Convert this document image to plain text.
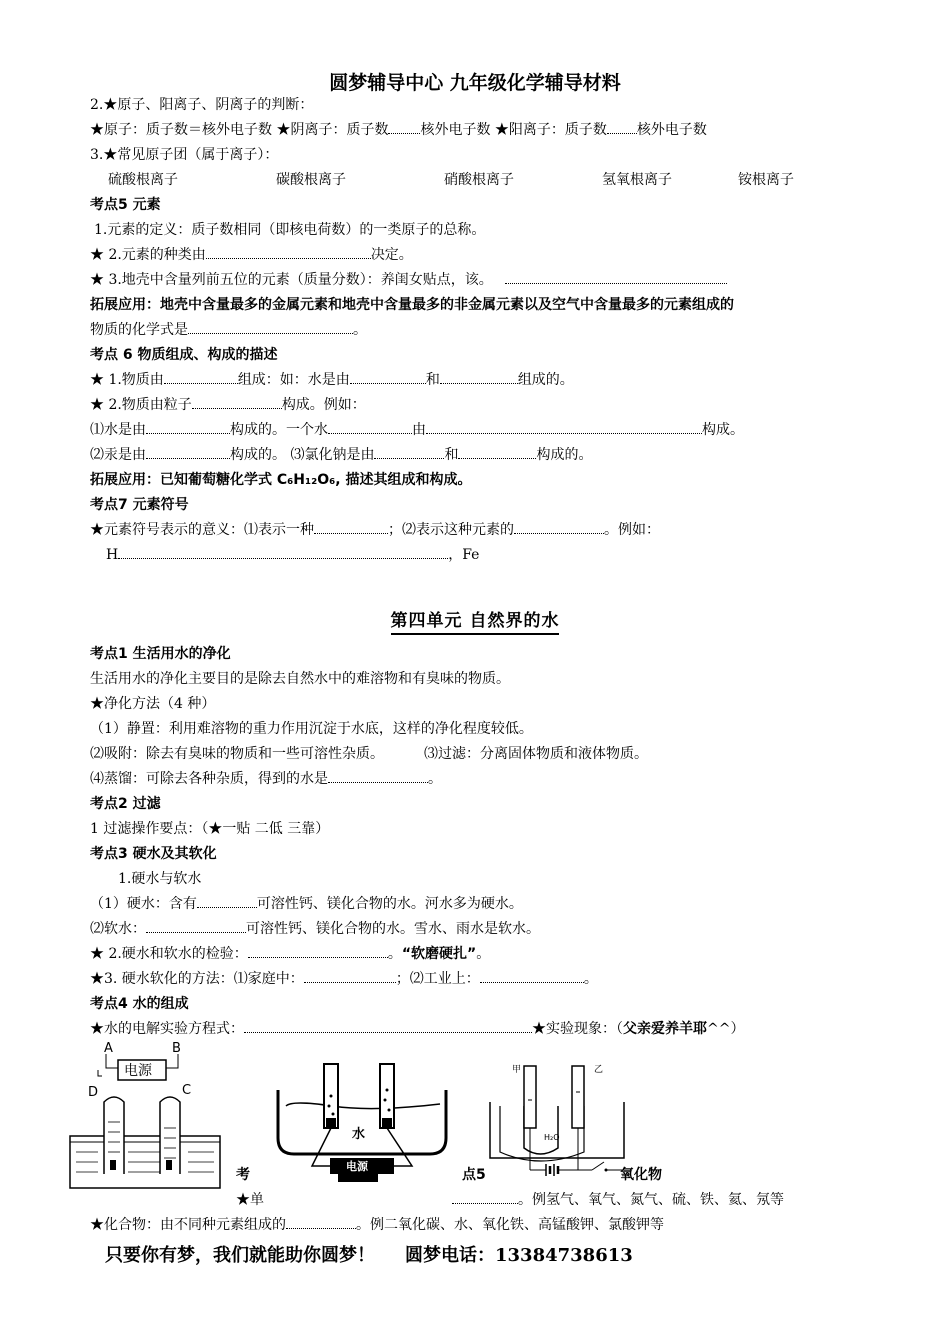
圆梦辅导中心 九年级化学辅导材料
2.★原子、阳离子、阴离子的判断：
★原子：质子数＝核外电子数 ★阴离子：质子数 核外电子数 ★阳离子：质子数 核外电子数
3.★常见原子团（属于离子）：
硫酸根离子	碳酸根离子	硝酸根离子	氢氧根离子	铵根离子
考点5 元素
1.元素的定义：质子数相同（即核电荷数）的一类原子的总称。
★ 2.元素的种类由	决定。
★ 3.地壳中含量列前五位的元素（质量分数）：养闺女贴点，该。
拓展应用：地壳中含量最多的金属元素和地壳中含量最多的非金属元素以及空气中含量最多的元素组成的
物质的化学式是	。
考点 6 物质组成、构成的描述
★ 1.物质由	组成：如：水是由	和	组成的。
★ 2.物质由粒子	构成。例如：
⑴水是由	构成的。一个水	由	构成。
⑵汞是由	构成的。 ⑶氯化钠是由	和	构成的。
拓展应用：已知葡萄糖化学式 C₆H₁₂O₆, 描述其组成和构成。
考点7 元素符号
★元素符号表示的意义：⑴表示一种	；⑵表示这种元素的	。例如：
H	，Fe
第四单元 自然界的水
考点1 生活用水的净化
生活用水的净化主要目的是除去自然水中的难溶物和有臭味的物质。
★净化方法（4 种）
（1）静置：利用难溶物的重力作用沉淀于水底，这样的净化程度较低。
⑵吸附：除去有臭味的物质和一些可溶性杂质。	⑶过滤：分离固体物质和液体物质。
⑷蒸馏：可除去各种杂质，得到的水是	。
考点2 过滤
1 过滤操作要点：（★一贴 二低 三靠）
考点3 硬水及其软化
1.硬水与软水
（1）硬水：含有	可溶性钙、镁化合物的水。河水多为硬水。
⑵软水：	可溶性钙、镁化合物的水。雪水、雨水是软水。
★ 2.硬水和软水的检验：	。“软磨硬扎”。
★3. 硬水软化的方法：⑴家庭中：	；⑵工业上：	。
考点4 水的组成
★水的电解实验方程式：	★实验现象：（父亲爱养羊耶^^）
A	B
电源
D	C
水
电源
甲	乙
H₂O
考	点5	氧化物
★单	。例氢气、氧气、氮气、硫、铁、氦、氖等
★化合物：由不同种元素组成的	。例二氧化碳、水、氧化铁、高锰酸钾、氯酸钾等
只要你有梦，我们就能助你圆梦！ 圆梦电话：13384738613
